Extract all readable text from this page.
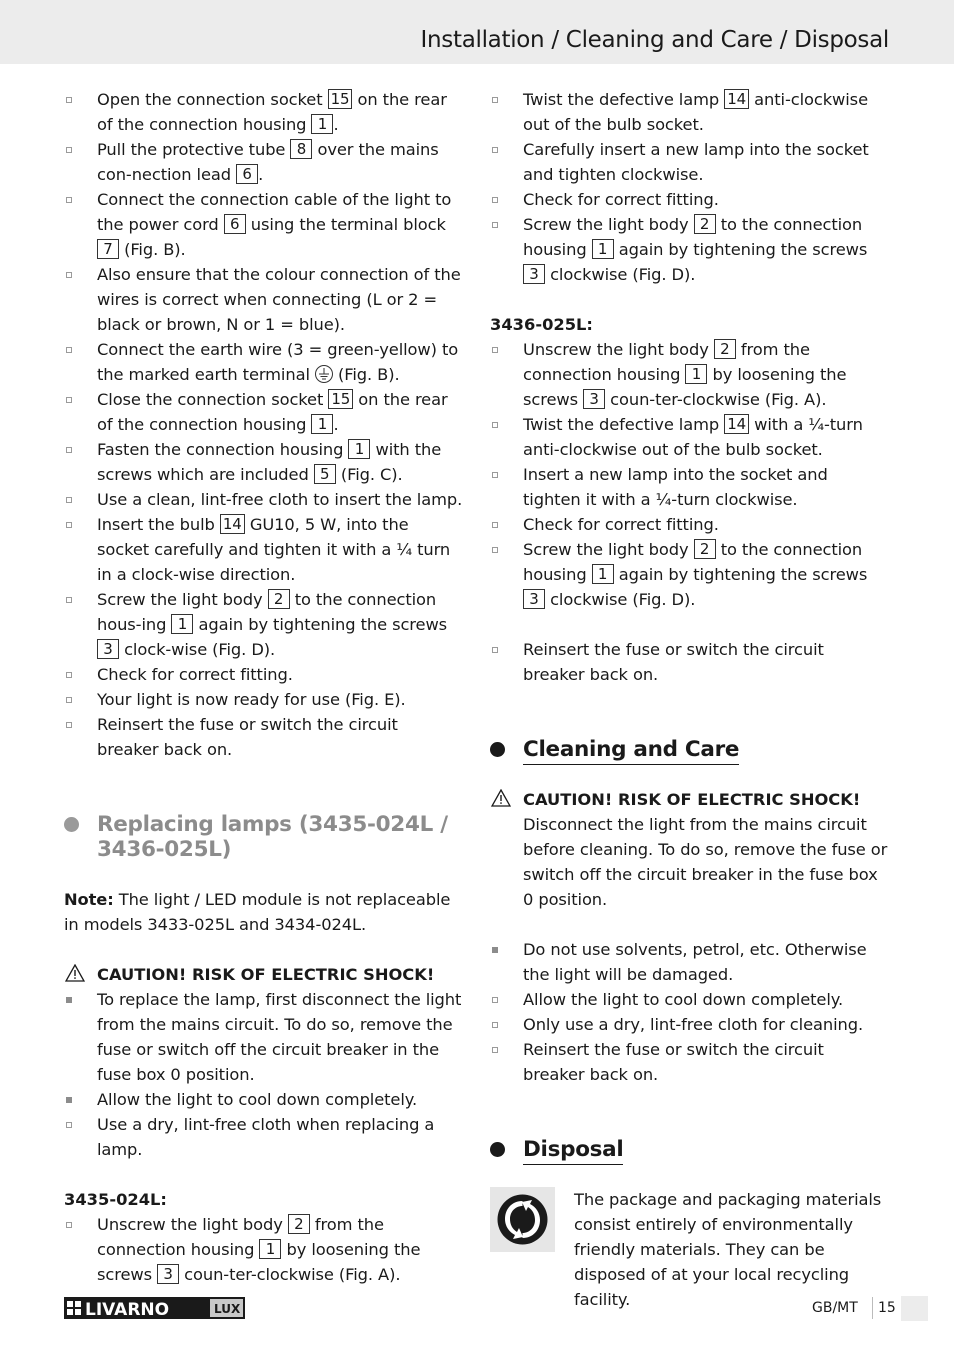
Installation / Cleaning and Care / Disposal
Open the connection socket 15 on the rear of the connection housing 1 .
Pull the protective tube 8 over the mains con-nection lead 6 .
Connect the connection cable of the light to the power cord 6 using the terminal block 7 (Fig. B).
Also ensure that the colour connection of the wires is correct when connecting (L or 2 = black or brown, N or 1 = blue).
Connect the earth wire (3 = green-yellow) to the marked earth terminal
(Fig. B).
Close the connection socket 15 on the rear of the connection housing 1 .
Fasten the connection housing 1 with the screws which are included 5 (Fig. C).
Use a clean, lint-free cloth to insert the lamp.
Insert the bulb 14 GU10, 5 W, into the socket carefully and tighten it with a ¼ turn in a clock-wise direction.
Screw the light body 2 to the connection hous-ing 1 again by tightening the screws 3 clock-wise (Fig. D).
Check for correct fitting.
Your light is now ready for use (Fig. E).
Reinsert the fuse or switch the circuit breaker back on.
Replacing lamps (3435-024L / 3436-025L)
Note: The light / LED module is not replaceable in models 3433-025L and 3434-024L.
CAUTION! RISK OF ELECTRIC SHOCK!
To replace the lamp, first disconnect the light from the mains circuit. To do so, remove the fuse or switch off the circuit breaker in the fuse box 0 position.
Allow the light to cool down completely.
Use a dry, lint-free cloth when replacing a lamp.
3435-024L:
Unscrew the light body 2 from the connection housing 1 by loosening the screws 3 coun-ter-clockwise (Fig. A).
Twist the defective lamp 14 anti-clockwise out of the bulb socket.
Carefully insert a new lamp into the socket and tighten clockwise.
Check for correct fitting.
Screw the light body 2 to the connection housing 1 again by tightening the screws 3 clockwise (Fig. D).
3436-025L:
Unscrew the light body 2 from the connection housing 1 by loosening the screws 3 coun-ter-clockwise (Fig. A).
Twist the defective lamp 14 with a ¼-turn anti-clockwise out of the bulb socket.
Insert a new lamp into the socket and tighten it with a ¼-turn clockwise.
Check for correct fitting.
Screw the light body 2 to the connection housing 1 again by tightening the screws 3 clockwise (Fig. D).
Reinsert the fuse or switch the circuit breaker back on.
Cleaning and Care
CAUTION! RISK OF ELECTRIC SHOCK!
Disconnect the light from the mains circuit before cleaning. To do so, remove the fuse or switch off the circuit breaker in the fuse box 0 position.
Do not use solvents, petrol, etc. Otherwise the light will be damaged.
Allow the light to cool down completely.
Only use a dry, lint-free cloth for cleaning.
Reinsert the fuse or switch the circuit breaker back on.
Disposal
The package and packaging materials consist entirely of environmentally friendly materials. They can be disposed of at your local recycling facility.
LIVARNO	LUX	GB/MT 15
